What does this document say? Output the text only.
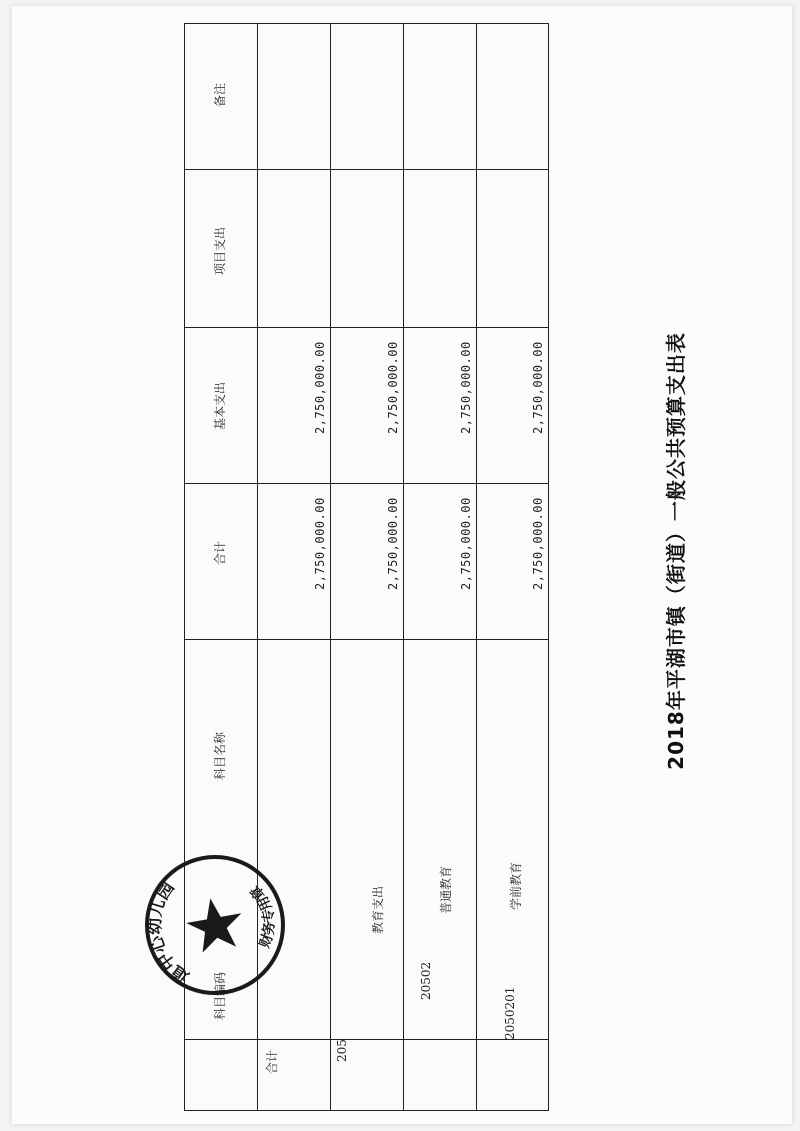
2018年平湖市镇（街道）一般公共预算支出表
科目编码
科目名称
合计
基本支出
项目支出
备注
合计
2,750,000.00
2,750,000.00
205
教育支出
2,750,000.00
2,750,000.00
20502
普通教育
2,750,000.00
2,750,000.00
2050201
学前教育
2,750,000.00
2,750,000.00
道中心幼儿园
财务专用章
